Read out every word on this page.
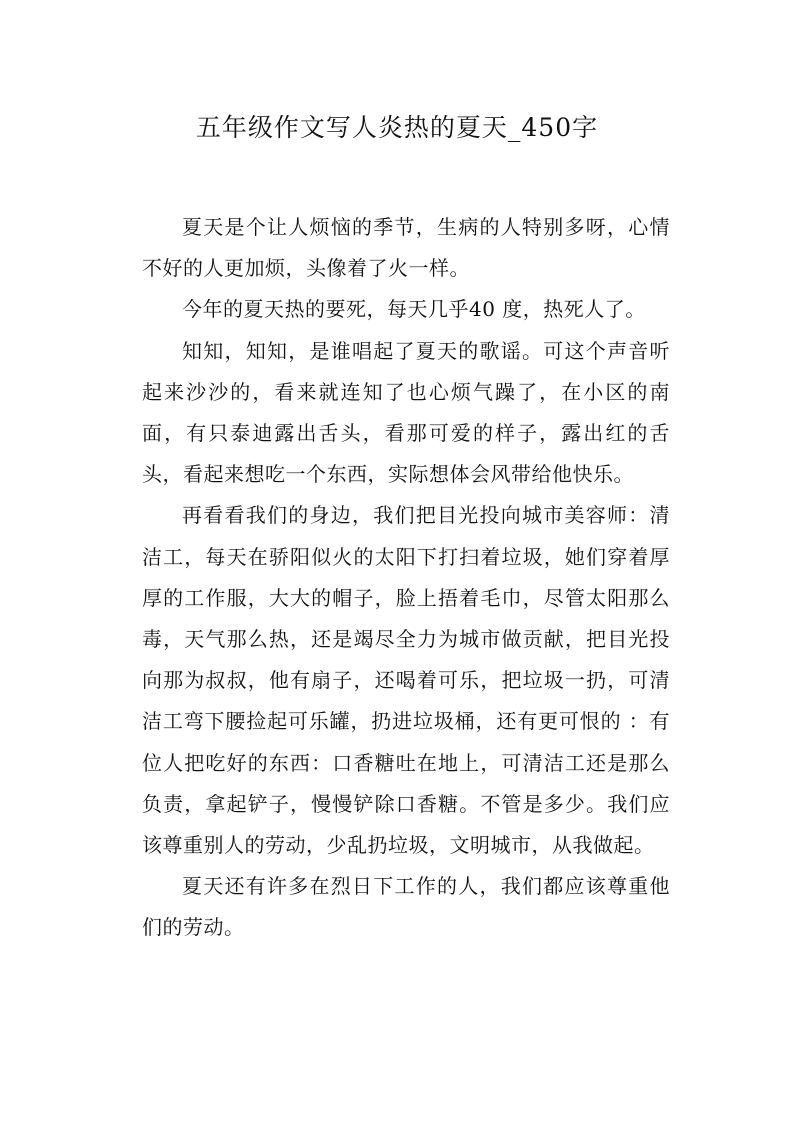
五年级作文写人炎热的夏天_450字

夏天是个让人烦恼的季节，生病的人特别多呀，心情不好的人更加烦，头像着了火一样。

今年的夏天热的要死，每天几乎40 度，热死人了。

知知，知知，是谁唱起了夏天的歌谣。可这个声音听起来沙沙的，看来就连知了也心烦气躁了，在小区的南面，有只泰迪露出舌头，看那可爱的样子，露出红的舌头，看起来想吃一个东西，实际想体会风带给他快乐。

再看看我们的身边，我们把目光投向城市美容师：清洁工，每天在骄阳似火的太阳下打扫着垃圾，她们穿着厚厚的工作服，大大的帽子，脸上捂着毛巾，尽管太阳那么毒，天气那么热，还是竭尽全力为城市做贡献，把目光投向那为叔叔，他有扇子，还喝着可乐，把垃圾一扔，可清洁工弯下腰捡起可乐罐，扔进垃圾桶，还有更可恨的 ：有位人把吃好的东西：口香糖吐在地上，可清洁工还是那么负责，拿起铲子，慢慢铲除口香糖。不管是多少。我们应该尊重别人的劳动，少乱扔垃圾，文明城市，从我做起。

夏天还有许多在烈日下工作的人，我们都应该尊重他们的劳动。
